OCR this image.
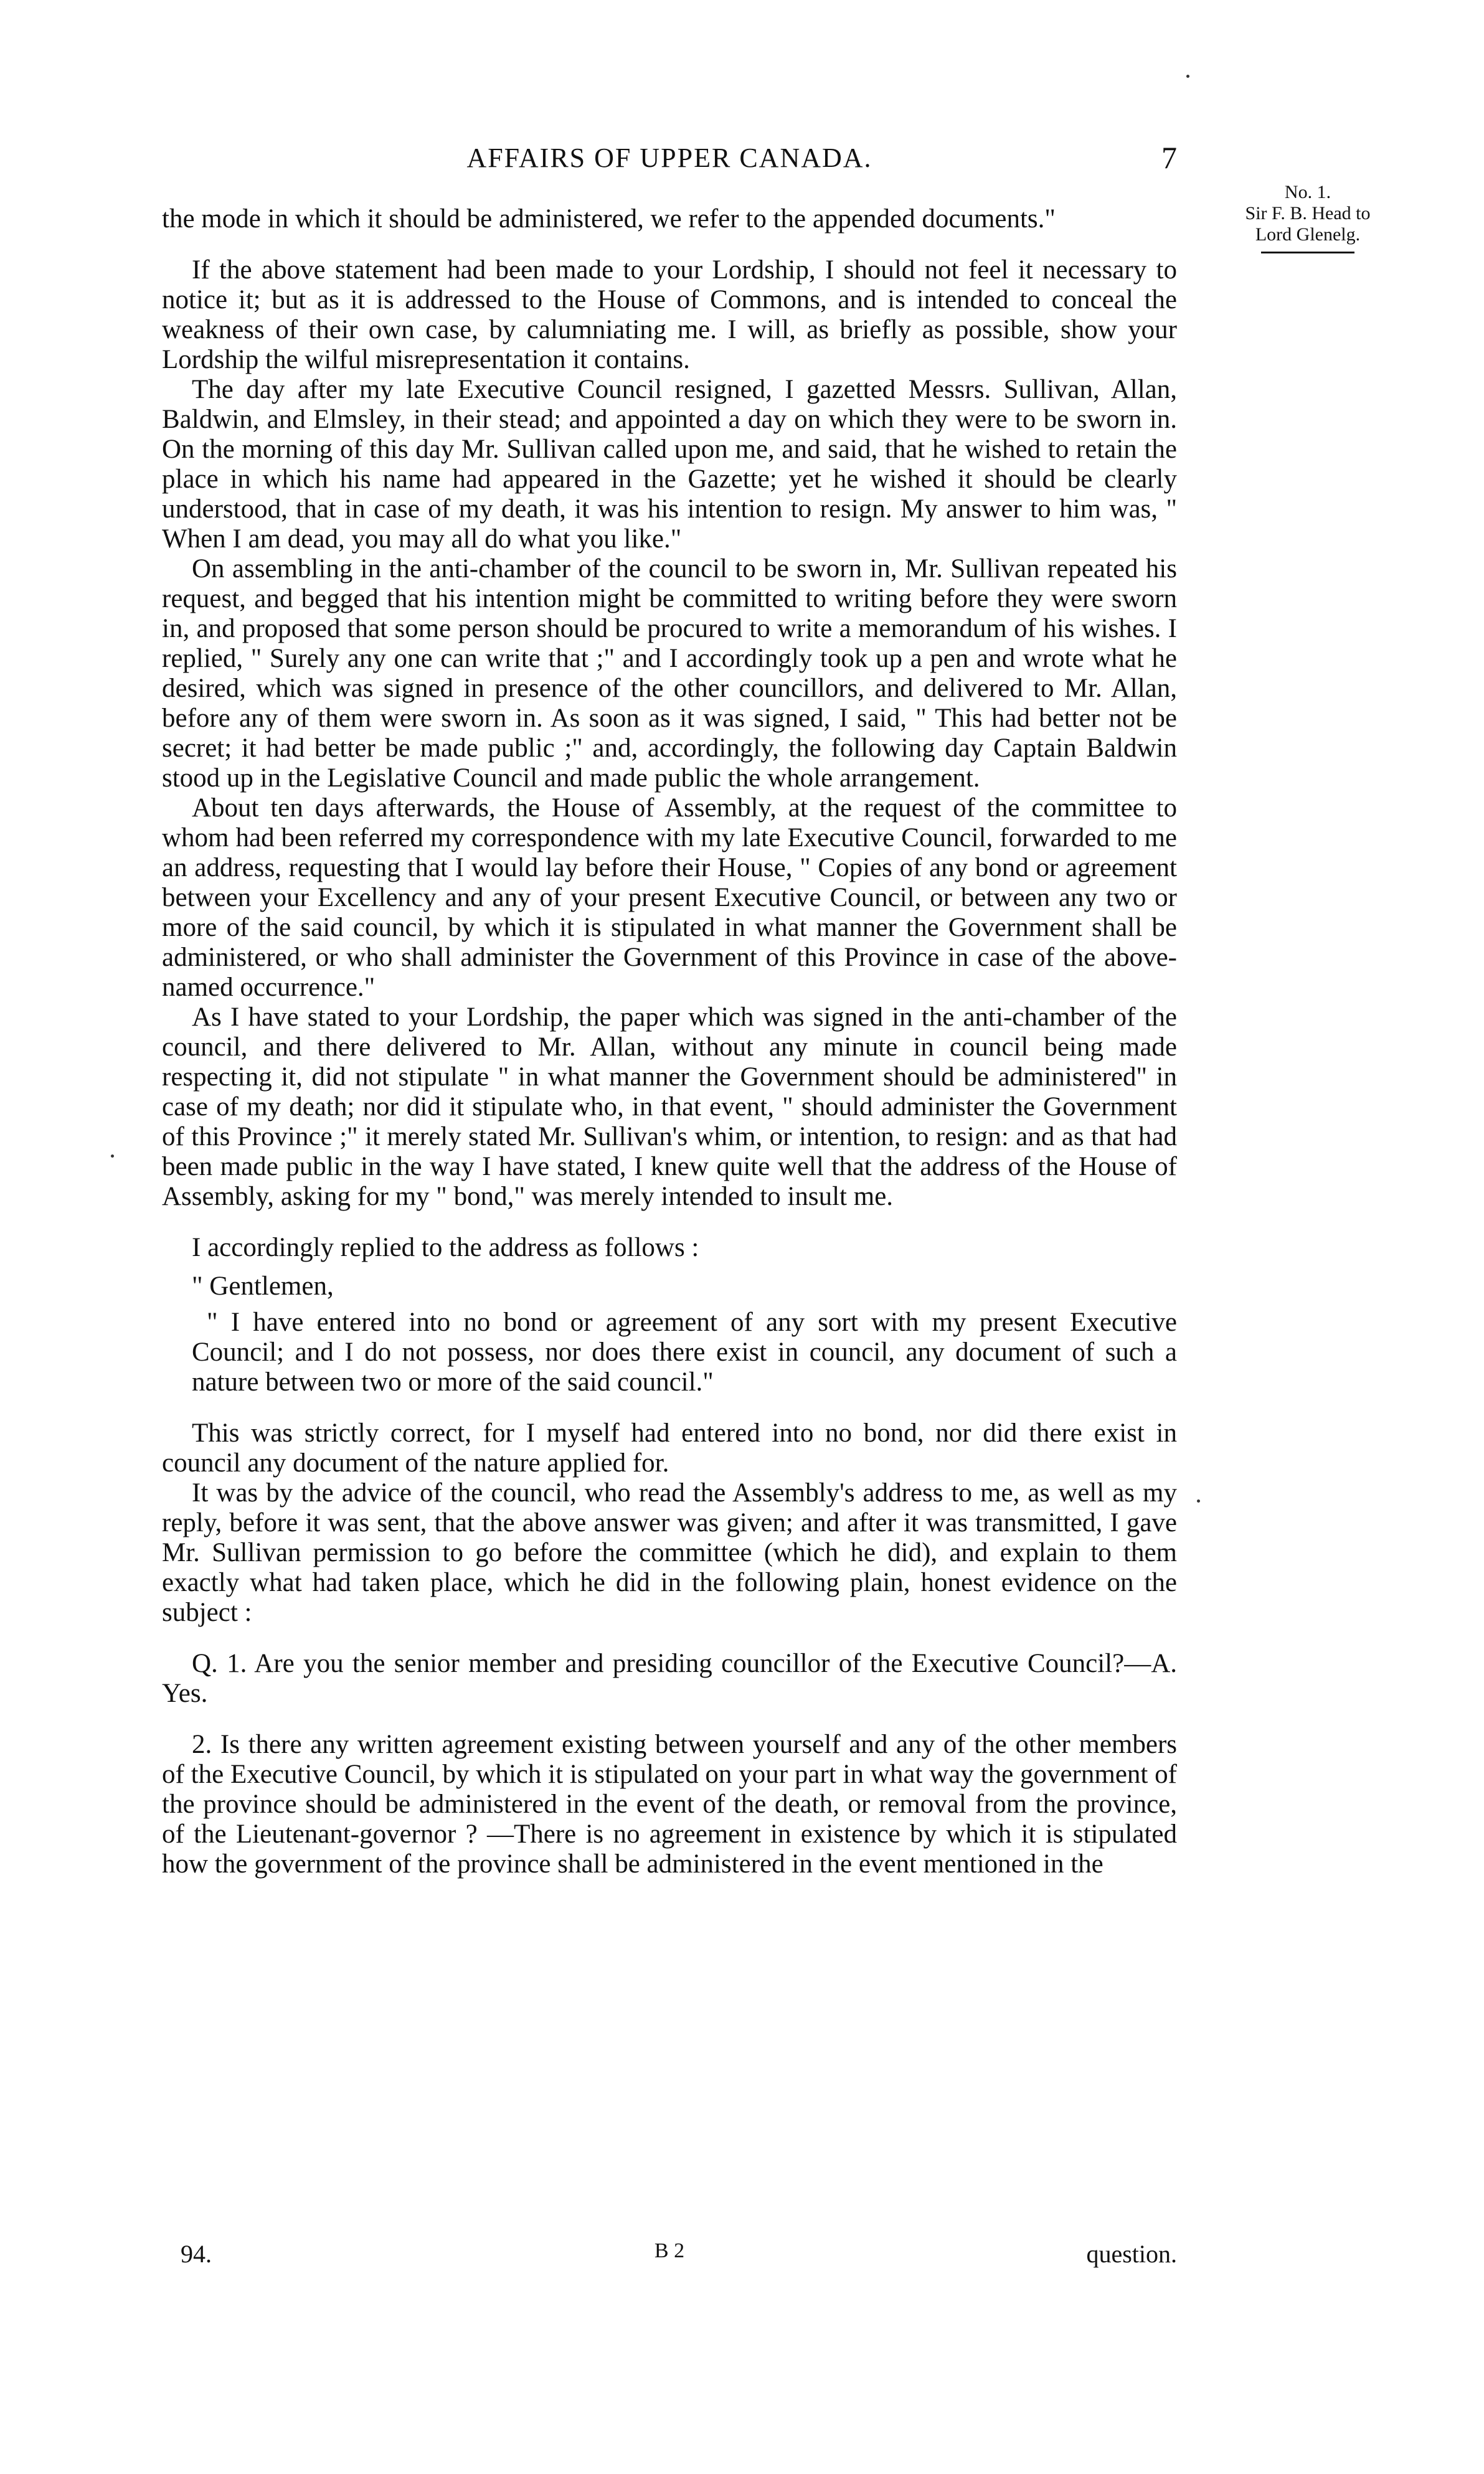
AFFAIRS OF UPPER CANADA.	7
No. 1.
Sir F. B. Head to
Lord Glenelg.

the mode in which it should be administered, we refer to the appended documents."

If the above statement had been made to your Lordship, I should not feel it necessary to notice it; but as it is addressed to the House of Commons, and is intended to conceal the weakness of their own case, by calumniating me. I will, as briefly as possible, show your Lordship the wilful misrepresentation it contains.

The day after my late Executive Council resigned, I gazetted Messrs. Sullivan, Allan, Baldwin, and Elmsley, in their stead; and appointed a day on which they were to be sworn in. On the morning of this day Mr. Sullivan called upon me, and said, that he wished to retain the place in which his name had appeared in the Gazette; yet he wished it should be clearly understood, that in case of my death, it was his intention to resign. My answer to him was, " When I am dead, you may all do what you like."

On assembling in the anti-chamber of the council to be sworn in, Mr. Sullivan repeated his request, and begged that his intention might be committed to writing before they were sworn in, and proposed that some person should be procured to write a memorandum of his wishes. I replied, " Surely any one can write that ;" and I accordingly took up a pen and wrote what he desired, which was signed in presence of the other councillors, and delivered to Mr. Allan, before any of them were sworn in. As soon as it was signed, I said, " This had better not be secret; it had better be made public ;" and, accordingly, the following day Captain Baldwin stood up in the Legislative Council and made public the whole arrangement.

About ten days afterwards, the House of Assembly, at the request of the committee to whom had been referred my correspondence with my late Executive Council, forwarded to me an address, requesting that I would lay before their House, " Copies of any bond or agreement between your Excellency and any of your present Executive Council, or between any two or more of the said council, by which it is stipulated in what manner the Government shall be administered, or who shall administer the Government of this Province in case of the above-named occurrence."

As I have stated to your Lordship, the paper which was signed in the anti-chamber of the council, and there delivered to Mr. Allan, without any minute in council being made respecting it, did not stipulate " in what manner the Government should be administered" in case of my death; nor did it stipulate who, in that event, " should administer the Government of this Province ;" it merely stated Mr. Sullivan's whim, or intention, to resign: and as that had been made public in the way I have stated, I knew quite well that the address of the House of Assembly, asking for my " bond," was merely intended to insult me.

I accordingly replied to the address as follows :

" Gentlemen,

" I have entered into no bond or agreement of any sort with my present Executive Council; and I do not possess, nor does there exist in council, any document of such a nature between two or more of the said council."

This was strictly correct, for I myself had entered into no bond, nor did there exist in council any document of the nature applied for.

It was by the advice of the council, who read the Assembly's address to me, as well as my reply, before it was sent, that the above answer was given; and after it was transmitted, I gave Mr. Sullivan permission to go before the committee (which he did), and explain to them exactly what had taken place, which he did in the following plain, honest evidence on the subject :

Q. 1. Are you the senior member and presiding councillor of the Executive Council?—A. Yes.

2. Is there any written agreement existing between yourself and any of the other members of the Executive Council, by which it is stipulated on your part in what way the government of the province should be administered in the event of the death, or removal from the province, of the Lieutenant-governor ? —There is no agreement in existence by which it is stipulated how the government of the province shall be administered in the event mentioned in the

94.	B 2	question.
